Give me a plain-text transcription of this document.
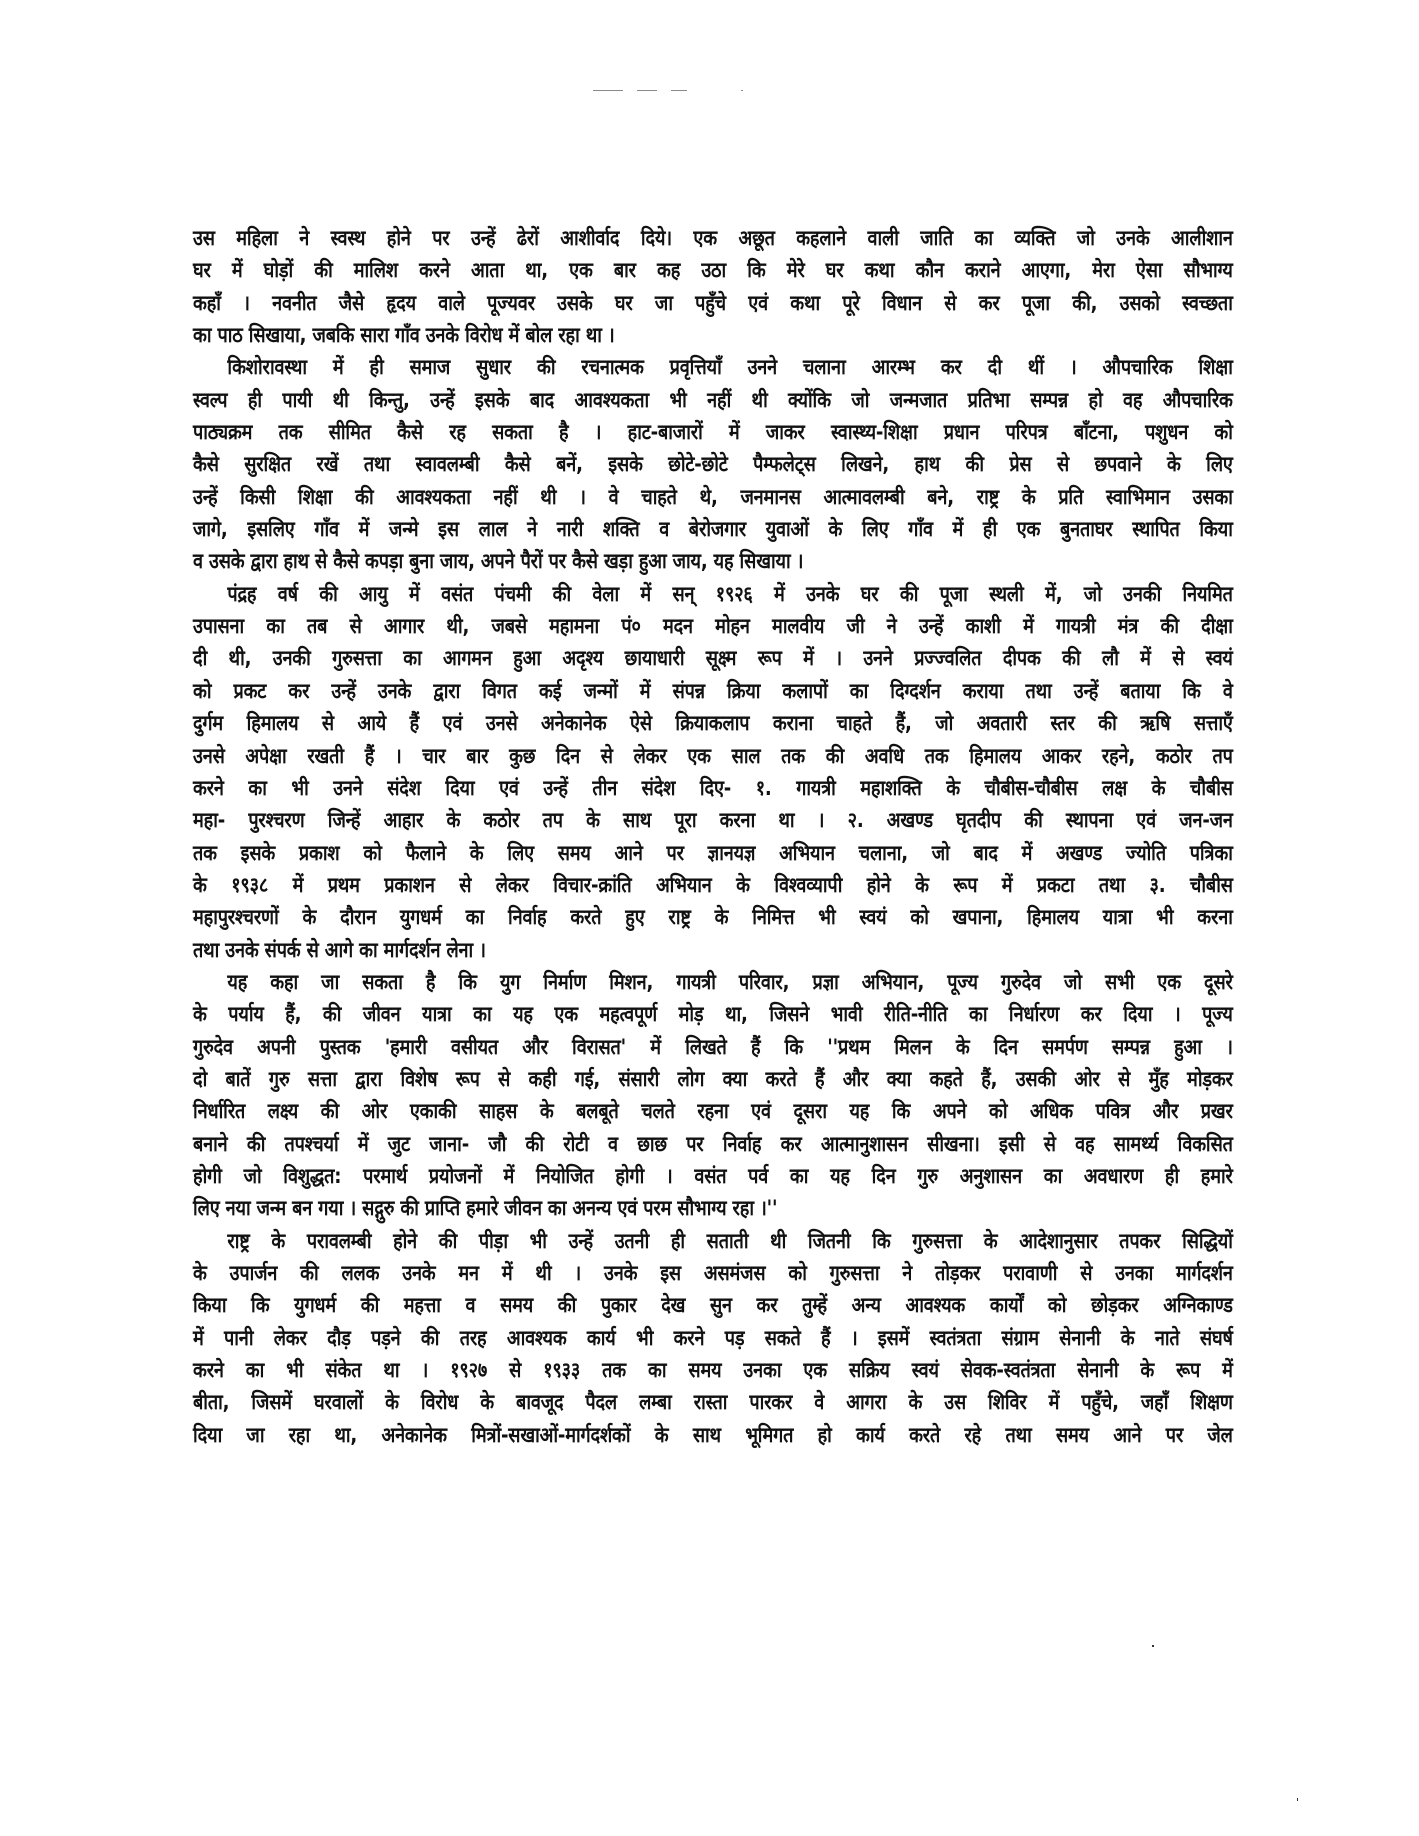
उस महिला ने स्वस्थ होने पर उन्हें ढेरों आशीर्वाद दिये। एक अछूत कहलाने वाली जाति का व्यक्ति जो उनके आलीशान
घर में घोड़ों की मालिश करने आता था, एक बार कह उठा कि मेरे घर कथा कौन कराने आएगा, मेरा ऐसा सौभाग्य
कहाँ । नवनीत जैसे हृदय वाले पूज्यवर उसके घर जा पहुँचे एवं कथा पूरे विधान से कर पूजा की, उसको स्वच्छता
का पाठ सिखाया, जबकि सारा गाँव उनके विरोध में बोल रहा था ।
किशोरावस्था में ही समाज सुधार की रचनात्मक प्रवृत्तियाँ उनने चलाना आरम्भ कर दी थीं । औपचारिक शिक्षा
स्वल्प ही पायी थी किन्तु, उन्हें इसके बाद आवश्यकता भी नहीं थी क्योंकि जो जन्मजात प्रतिभा सम्पन्न हो वह औपचारिक
पाठ्यक्रम तक सीमित कैसे रह सकता है । हाट-बाजारों में जाकर स्वास्थ्य-शिक्षा प्रधान परिपत्र बाँटना, पशुधन को
कैसे सुरक्षित रखें तथा स्वावलम्बी कैसे बनें, इसके छोटे-छोटे पैम्फलेट्स लिखने, हाथ की प्रेस से छपवाने के लिए
उन्हें किसी शिक्षा की आवश्यकता नहीं थी । वे चाहते थे, जनमानस आत्मावलम्बी बने, राष्ट्र के प्रति स्वाभिमान उसका
जागे, इसलिए गाँव में जन्मे इस लाल ने नारी शक्ति व बेरोजगार युवाओं के लिए गाँव में ही एक बुनताघर स्थापित किया
व उसके द्वारा हाथ से कैसे कपड़ा बुना जाय, अपने पैरों पर कैसे खड़ा हुआ जाय, यह सिखाया ।
पंद्रह वर्ष की आयु में वसंत पंचमी की वेला में सन् १९२६ में उनके घर की पूजा स्थली में, जो उनकी नियमित
उपासना का तब से आगार थी, जबसे महामना पं० मदन मोहन मालवीय जी ने उन्हें काशी में गायत्री मंत्र की दीक्षा
दी थी, उनकी गुरुसत्ता का आगमन हुआ अदृश्य छायाधारी सूक्ष्म रूप में । उनने प्रज्ज्वलित दीपक की लौ में से स्वयं
को प्रकट कर उन्हें उनके द्वारा विगत कई जन्मों में संपन्न क्रिया कलापों का दिग्दर्शन कराया तथा उन्हें बताया कि वे
दुर्गम हिमालय से आये हैं एवं उनसे अनेकानेक ऐसे क्रियाकलाप कराना चाहते हैं, जो अवतारी स्तर की ऋषि सत्ताएँ
उनसे अपेक्षा रखती हैं । चार बार कुछ दिन से लेकर एक साल तक की अवधि तक हिमालय आकर रहने, कठोर तप
करने का भी उनने संदेश दिया एवं उन्हें तीन संदेश दिए- १. गायत्री महाशक्ति के चौबीस-चौबीस लक्ष के चौबीस
महा- पुरश्चरण जिन्हें आहार के कठोर तप के साथ पूरा करना था । २. अखण्ड घृतदीप की स्थापना एवं जन-जन
तक इसके प्रकाश को फैलाने के लिए समय आने पर ज्ञानयज्ञ अभियान चलाना, जो बाद में अखण्ड ज्योति पत्रिका
के १९३८ में प्रथम प्रकाशन से लेकर विचार-क्रांति अभियान के विश्वव्यापी होने के रूप में प्रकटा तथा ३. चौबीस
महापुरश्चरणों के दौरान युगधर्म का निर्वाह करते हुए राष्ट्र के निमित्त भी स्वयं को खपाना, हिमालय यात्रा भी करना
तथा उनके संपर्क से आगे का मार्गदर्शन लेना ।
यह कहा जा सकता है कि युग निर्माण मिशन, गायत्री परिवार, प्रज्ञा अभियान, पूज्य गुरुदेव जो सभी एक दूसरे
के पर्याय हैं, की जीवन यात्रा का यह एक महत्वपूर्ण मोड़ था, जिसने भावी रीति-नीति का निर्धारण कर दिया । पूज्य
गुरुदेव अपनी पुस्तक 'हमारी वसीयत और विरासत' में लिखते हैं कि ''प्रथम मिलन के दिन समर्पण सम्पन्न हुआ ।
दो बातें गुरु सत्ता द्वारा विशेष रूप से कही गई, संसारी लोग क्या करते हैं और क्या कहते हैं, उसकी ओर से मुँह मोड़कर
निर्धारित लक्ष्य की ओर एकाकी साहस के बलबूते चलते रहना एवं दूसरा यह कि अपने को अधिक पवित्र और प्रखर
बनाने की तपश्चर्या में जुट जाना- जौ की रोटी व छाछ पर निर्वाह कर आत्मानुशासन सीखना। इसी से वह सामर्थ्य विकसित
होगी जो विशुद्धत: परमार्थ प्रयोजनों में नियोजित होगी । वसंत पर्व का यह दिन गुरु अनुशासन का अवधारण ही हमारे
लिए नया जन्म बन गया । सद्गुरु की प्राप्ति हमारे जीवन का अनन्य एवं परम सौभाग्य रहा ।''
राष्ट्र के परावलम्बी होने की पीड़ा भी उन्हें उतनी ही सताती थी जितनी कि गुरुसत्ता के आदेशानुसार तपकर सिद्धियों
के उपार्जन की ललक उनके मन में थी । उनके इस असमंजस को गुरुसत्ता ने तोड़कर परावाणी से उनका मार्गदर्शन
किया कि युगधर्म की महत्ता व समय की पुकार देख सुन कर तुम्हें अन्य आवश्यक कार्यों को छोड़कर अग्निकाण्ड
में पानी लेकर दौड़ पड़ने की तरह आवश्यक कार्य भी करने पड़ सकते हैं । इसमें स्वतंत्रता संग्राम सेनानी के नाते संघर्ष
करने का भी संकेत था । १९२७ से १९३३ तक का समय उनका एक सक्रिय स्वयं सेवक-स्वतंत्रता सेनानी के रूप में
बीता, जिसमें घरवालों के विरोध के बावजूद पैदल लम्बा रास्ता पारकर वे आगरा के उस शिविर में पहुँचे, जहाँ शिक्षण
दिया जा रहा था, अनेकानेक मित्रों-सखाओं-मार्गदर्शकों के साथ भूमिगत हो कार्य करते रहे तथा समय आने पर जेल
